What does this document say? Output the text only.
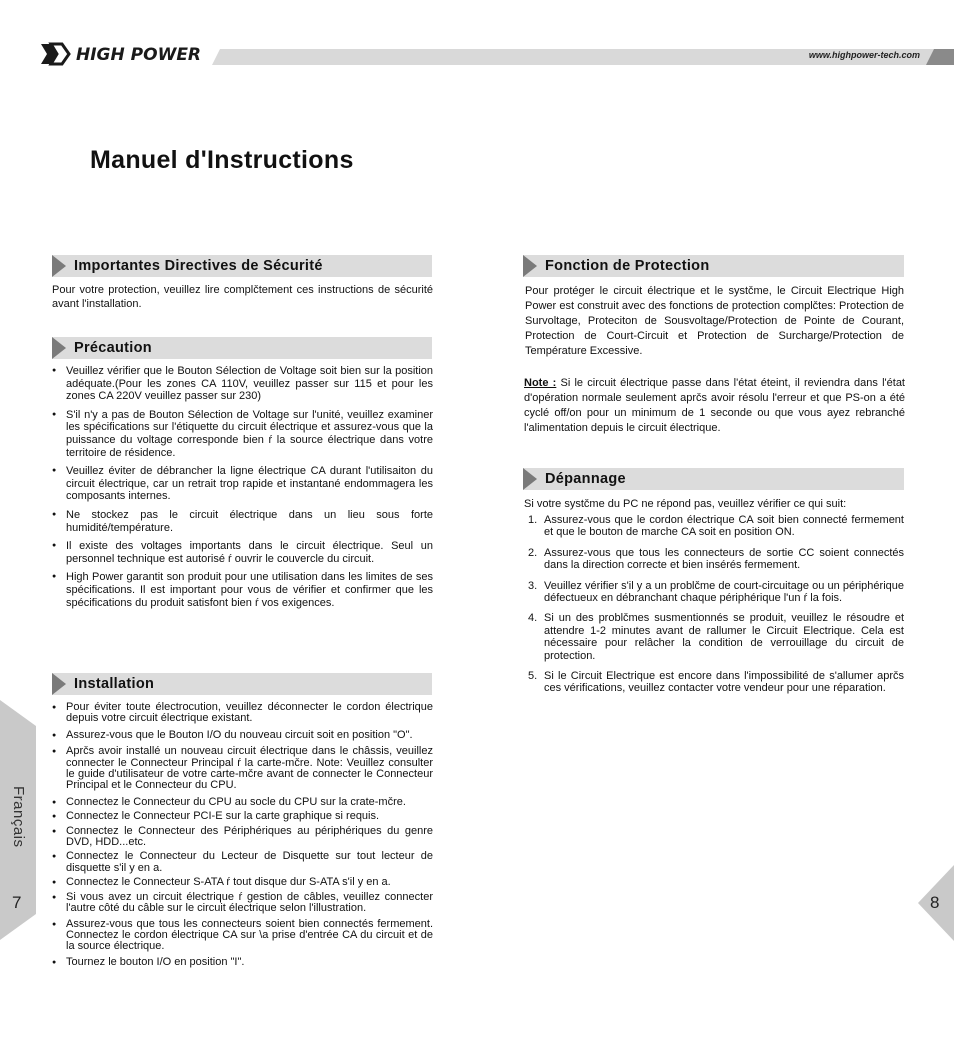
HIGH POWER	www.highpower-tech.com
Manuel d'Instructions
Importantes Directives de Sécurité
Pour votre protection, veuillez lire complčtement ces instructions de sécurité avant l'installation.
Précaution
● Veuillez vérifier que le Bouton Sélection de Voltage soit bien sur la position adéquate.(Pour les zones CA 110V, veuillez passer sur 115 et pour les zones CA 220V veuillez passer sur 230)
● S'il n'y a pas de Bouton Sélection de Voltage sur l'unité, veuillez examiner les spécifications sur l'étiquette du circuit électrique et assurez-vous que la puissance du voltage corresponde bien ŕ la source électrique dans votre territoire de résidence.
● Veuillez éviter de débrancher la ligne électrique CA durant l'utilisaiton du circuit électrique, car un retrait trop rapide et instantané endommagera les composants internes.
● Ne stockez pas le circuit électrique dans un lieu sous forte humidité/température.
● Il existe des voltages importants dans le circuit électrique. Seul un personnel technique est autorisé ŕ ouvrir le couvercle du circuit.
● High Power garantit son produit pour une utilisation dans les limites de ses spécifications. Il est important pour vous de vérifier et confirmer que les spécifications du produit satisfont bien ŕ vos exigences.
Installation
● Pour éviter toute électrocution, veuillez déconnecter le cordon électrique depuis votre circuit électrique existant.
● Assurez-vous que le Bouton I/O du nouveau circuit soit en position "O".
● Aprčs avoir installé un nouveau circuit électrique dans le châssis, veuillez connecter le Connecteur Principal ŕ la carte-mčre. Note: Veuillez consulter le guide d'utilisateur de votre carte-mčre avant de connecter le Connecteur Principal et le Connecteur du CPU.
● Connectez le Connecteur du CPU au socle du CPU sur la crate-mčre.
● Connectez le Connecteur PCI-E sur la carte graphique si requis.
● Connectez le Connecteur des Périphériques au périphériques du genre DVD, HDD...etc.
● Connectez le Connecteur du Lecteur de Disquette sur tout lecteur de disquette s'il y en a.
● Connectez le Connecteur S-ATA ŕ tout disque dur S-ATA s'il y en a.
● Si vous avez un circuit électrique ŕ gestion de câbles, veuillez connecter l'autre côté du câble sur le circuit électrique selon l'illustration.
● Assurez-vous que tous les connecteurs soient bien connectés fermement. Connectez le cordon électrique CA sur \a prise d'entrée CA du circuit et de la source électrique.
● Tournez le bouton I/O en position "I".
Fonction de Protection
Pour protéger le circuit électrique et le systčme, le Circuit Electrique High Power est construit avec des fonctions de protection complčtes: Protection de Survoltage, Proteciton de Sousvoltage/Protection de Pointe de Courant, Protection de Court-Circuit et Protection de Surcharge/Protection de Température Excessive.
Note : Si le circuit électrique passe dans l'état éteint, il reviendra dans l'état d'opération normale seulement aprčs avoir résolu l'erreur et que PS-on a été cyclé off/on pour un minimum de 1 seconde ou que vous ayez rebranché l'alimentation depuis le circuit électrique.
Dépannage
Si votre systčme du PC ne répond pas, veuillez vérifier ce qui suit:
1. Assurez-vous que le cordon électrique CA soit bien connecté fermement et que le bouton de marche CA soit en position ON.
2. Assurez-vous que tous les connecteurs de sortie CC soient connectés dans la direction correcte et bien insérés fermement.
3. Veuillez vérifier s'il y a un problčme de court-circuitage ou un périphérique défectueux en débranchant chaque périphérique l'un ŕ la fois.
4. Si un des problčmes susmentionnés se produit, veuillez le résoudre et attendre 1-2 minutes avant de rallumer le Circuit Electrique. Cela est nécessaire pour relâcher la condition de verrouillage du circuit de protection.
5. Si le Circuit Electrique est encore dans l'impossibilité de s'allumer aprčs ces vérifications, veuillez contacter votre vendeur pour une réparation.
Français
7	8
